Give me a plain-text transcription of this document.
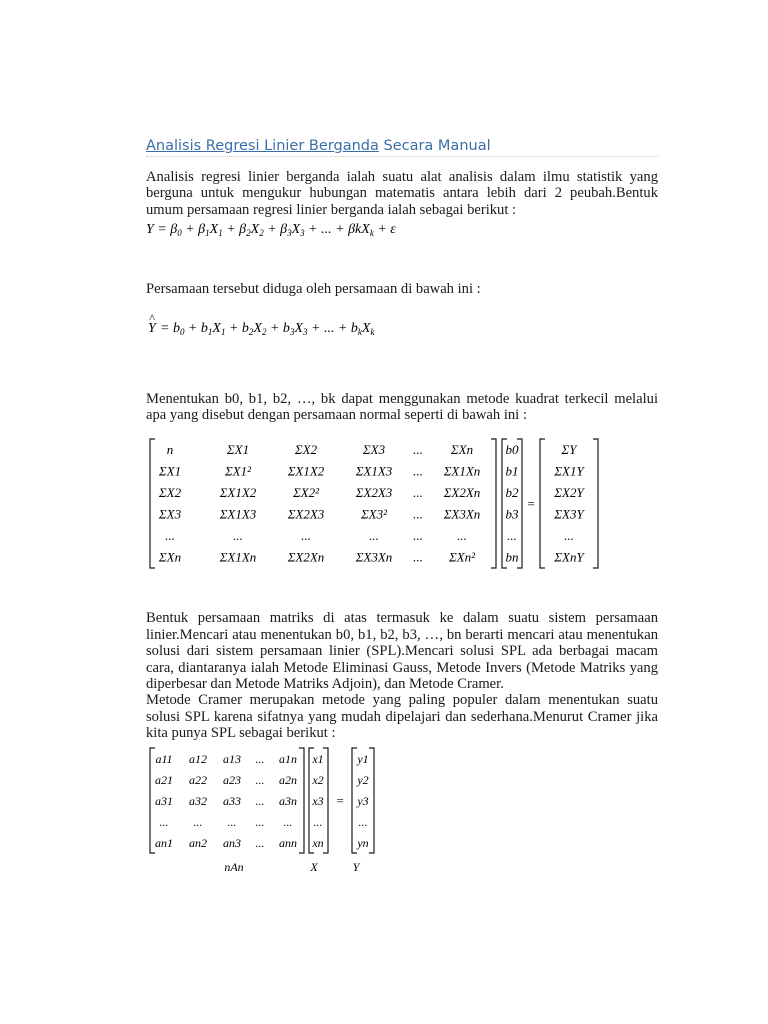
Analisis Regresi Linier Berganda Secara Manual

Analisis regresi linier berganda ialah suatu alat analisis dalam ilmu statistik yang berguna untuk mengukur hubungan matematis antara lebih dari 2 peubah.Bentuk umum persamaan regresi linier berganda ialah sebagai berikut :

$Y = \beta_0 + \beta_1X_1 + \beta_2X_2 + \beta_3X_3$ + ... + βkX$_k$ + ε

Persamaan tersebut diduga oleh persamaan di bawah ini :

Y
^
= $b_0 + b_1X_1 + b_2X_2 + b_3X_3$ + ... + $b_kX_k$

Menentukan b0, b1, b2, …, bk dapat menggunakan metode kuadrat terkecil melalui apa yang disebut dengan persamaan normal seperti di bawah ini :

n	ΣX1	ΣX2	ΣX3 ... ΣXn
ΣX1	ΣX1²	ΣX1X2 ΣX1X3 ... ΣX1Xn
ΣX2	ΣX1X2	ΣX2²	ΣX2X3 ... ΣX2Xn
ΣX3	ΣX1X3 ΣX2X3	ΣX3² ... ΣX3Xn
...	...	...	...	...	...
ΣXn	ΣX1Xn ΣX2Xn ΣX3Xn ... ΣXn²
b0
b1
b2
b3
...
bn
=
ΣY
ΣX1Y
ΣX2Y
ΣX3Y
...
ΣXnY

Bentuk persamaan matriks di atas termasuk ke dalam suatu sistem persamaan linier.Mencari atau menentukan b0, b1, b2, b3, …, bn berarti mencari atau menentukan solusi dari sistem persamaan linier (SPL).Mencari solusi SPL ada berbagai macam cara, diantaranya ialah Metode Eliminasi Gauss, Metode Invers (Metode Matriks yang diperbesar dan Metode Matriks Adjoin), dan Metode Cramer.

Metode Cramer merupakan metode yang paling populer dalam menentukan suatu solusi SPL karena sifatnya yang mudah dipelajari dan sederhana.Menurut Cramer jika kita punya SPL sebagai berikut :

a11 a12 a13 ... a1n
a21 a22 a23 ... a2n
a31 a32 a33 ... a3n
... ... ... ... ...
an1 an2 an3 ... ann
x1
x2
x3
...
xn
=
y1
y2
y3
...
yn
nAn	X	Y
